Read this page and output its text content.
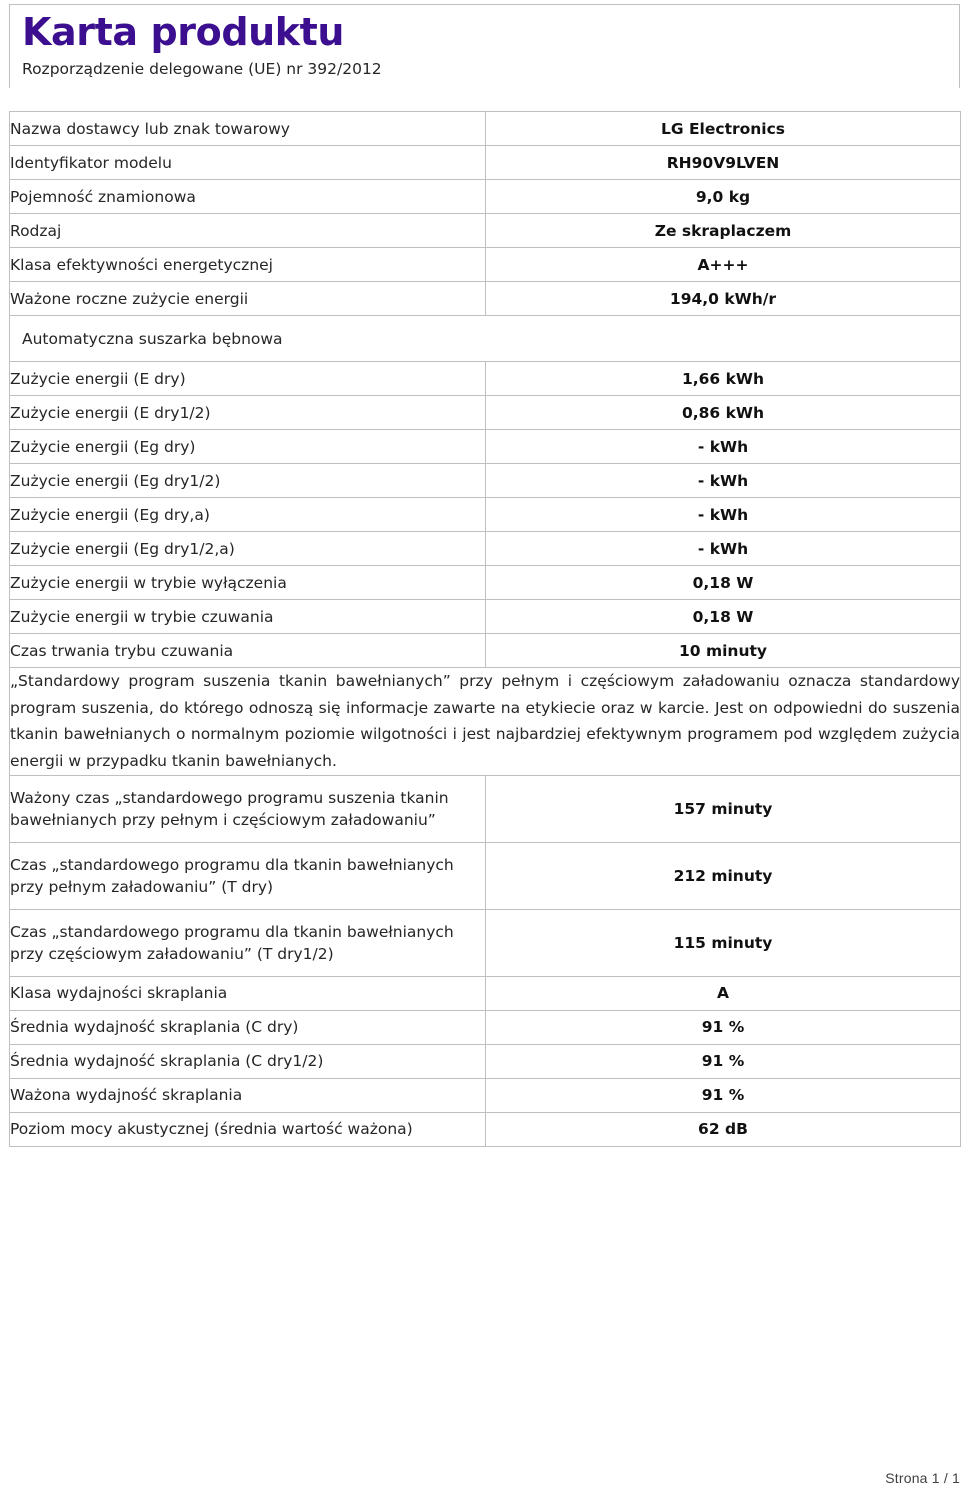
Karta produktu

Rozporządzenie delegowane (UE) nr 392/2012

Nazwa dostawcy lub znak towarowy	LG Electronics
Identyfikator modelu	RH90V9LVEN
Pojemność znamionowa	9,0 kg
Rodzaj	Ze skraplaczem
Klasa efektywności energetycznej	A+++
Ważone roczne zużycie energii	194,0 kWh/r
Automatyczna suszarka bębnowa	
Zużycie energii (E dry)	1,66 kWh
Zużycie energii (E dry1/2)	0,86 kWh
Zużycie energii (Eg dry)	- kWh
Zużycie energii (Eg dry1/2)	- kWh
Zużycie energii (Eg dry,a)	- kWh
Zużycie energii (Eg dry1/2,a)	- kWh
Zużycie energii w trybie wyłączenia	0,18 W
Zużycie energii w trybie czuwania	0,18 W
Czas trwania trybu czuwania	10 minuty
„Standardowy program suszenia tkanin bawełnianych” przy pełnym i częściowym załadowaniu oznacza standardowy program suszenia, do którego odnoszą się informacje zawarte na etykiecie oraz w karcie. Jest on odpowiedni do suszenia tkanin bawełnianych o normalnym poziomie wilgotności i jest najbardziej efektywnym programem pod względem zużycia energii w przypadku tkanin bawełnianych.	
Ważony czas „standardowego programu suszenia tkanin bawełnianych przy pełnym i częściowym załadowaniu”	157 minuty
Czas „standardowego programu dla tkanin bawełnianych przy pełnym załadowaniu” (T dry)	212 minuty
Czas „standardowego programu dla tkanin bawełnianych przy częściowym załadowaniu” (T dry1/2)	115 minuty
Klasa wydajności skraplania	A
Średnia wydajność skraplania (C dry)	91 %
Średnia wydajność skraplania (C dry1/2)	91 %
Ważona wydajność skraplania	91 %
Poziom mocy akustycznej (średnia wartość ważona)	62 dB
Strona 1 / 1
